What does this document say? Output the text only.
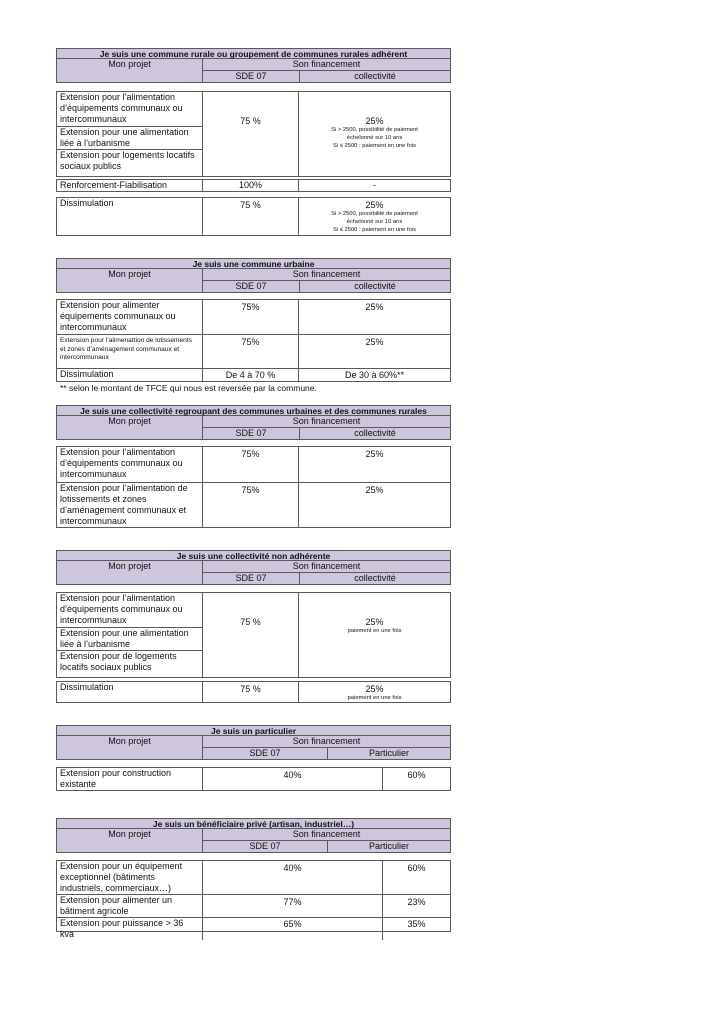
Je suis une commune rurale ou groupement de communes rurales adhérent
Mon projet	Son financement
SDE 07	collectivité
Extension pour l’alimentation d’équipements communaux ou intercommunaux
Extension pour une alimentation liée à l’urbanisme
Extension pour logements locatifs sociaux publics
75 %	25%
Si > 2500, possibilité de paiement échelonné sur 10 ans
Si ≤ 2500 : paiement en une fois
Renforcement-Fiabilisation	100%	-
Dissimulation	75 %	25%
Si > 2500, possibilité de paiement échelonné sur 10 ans
Si ≤ 2500 : paiement en une fois
Je suis une commune urbaine
Mon projet	Son financement
SDE 07	collectivité
Extension pour alimenter équipements communaux ou intercommunaux
75%	25%
Extension pour l’alimenattion de lotissements et zones d’aménagement communaux et intercommunaux
75%	25%
Dissimulation	De 4 à 70 %	De 30 à 60%**
** selon le montant de TFCE qui nous est reversée par la commune.
Je suis une collectivité regroupant des communes urbaines et des communes rurales
Mon projet	Son financement
SDE 07	collectivité
Extension pour l’alimentation d’équipements communaux ou intercommunaux
75%	25%
Extension pour l’alimentation de lotissements et zones d’aménagement communaux et intercommunaux
75%	25%
Je suis une collectivité non adhérente
Mon projet	Son financement
SDE 07	collectivité
Extension pour l’alimentation d’équipements communaux ou intercommunaux
Extension pour une alimentation liée à l’urbanisme
Extension pour de logements locatifs sociaux publics
75 %	25%
paiement en une fois
Dissimulation	75 %	25%
paiement en une fois
Je suis un particulier
Mon projet	Son financement
SDE 07	Particulier
Extension pour construction existante
40%	60%
Je suis un bénéficiaire privé (artisan, industriel…)
Mon projet	Son financement
SDE 07	Particulier
Extension pour un équipement exceptionnel (bâtiments industriels, commerciaux…)
40%	60%
Extension pour alimenter un bâtiment agricole
77%	23%
Extension pour puissance > 36 kva
65%	35%
